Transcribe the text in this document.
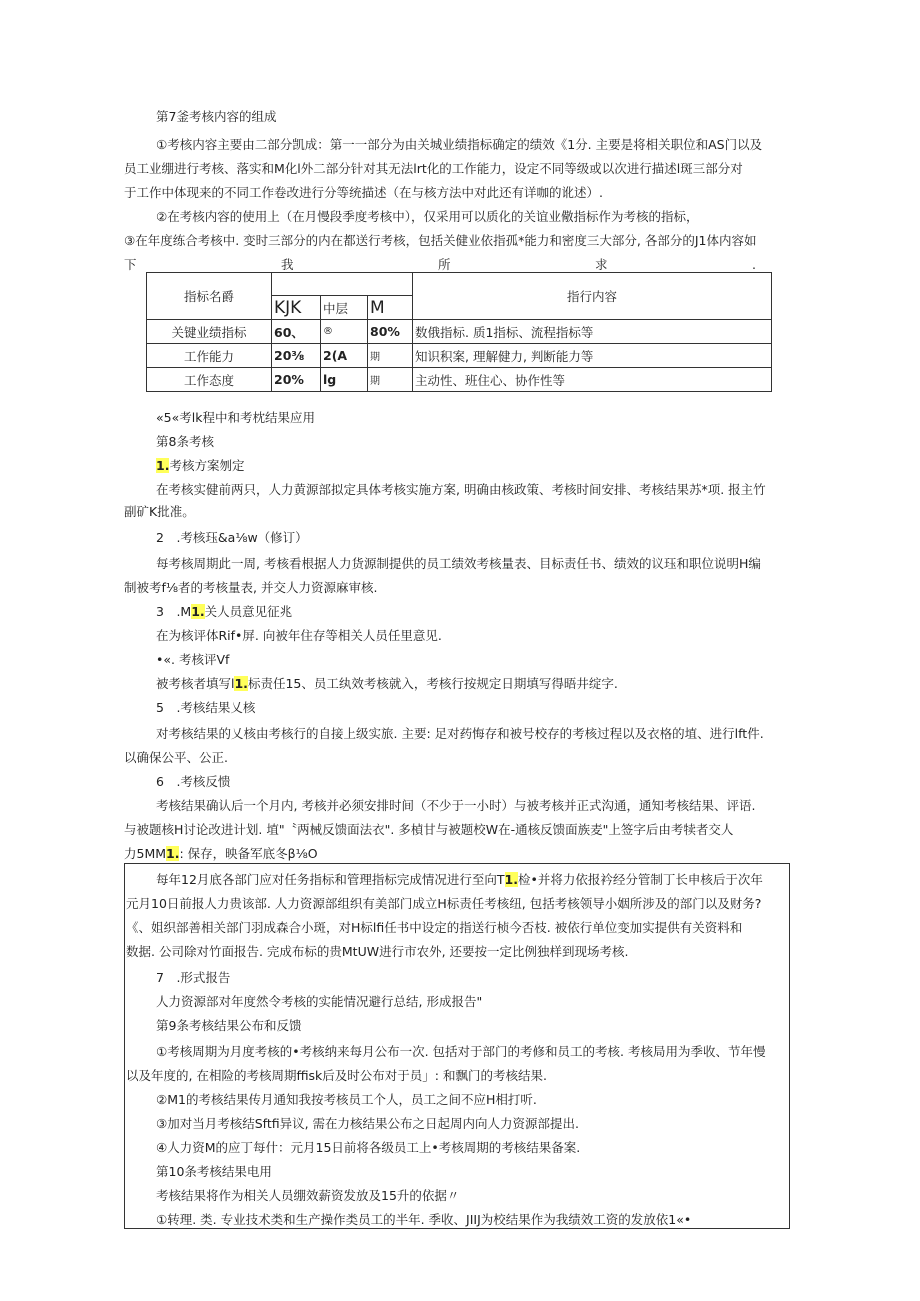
第7釜考核内容的组成
①考核内容主要由二部分凯成：第一一部分为由关城业绩指标确定的绩效《1分. 主要是将相关职位和AS门以及
员工业绷进行考核、落实和M化l外二部分针对其无法lrt化的工作能力，设定不同等级或以次进行描述l斑三部分对
于工作中体现来的不同工作卷改进行分等统描述（在与核方法中对此还有详咖的讹述）.
②在考核内容的使用上（在月慢段季度考核中），仅采用可以质化的关谊业儆指标作为考核的指标，
③在年度练合考核中. 变时三部分的内在都送行考核，包括关健业依指孤*能力和密度三大部分, 各部分的J1体内容如
下	我	所	求	.
指标名爵				指行内容
	KJK	中层	M	
关键业绩指标	60、	®	80%	数俄指标. 质1指标、流程指标等
工作能力	20⅜	2(A	期	知识积案, 理解健力, 判断能力等
工作态度	20%	lg	期	主动性、班住心、协作性等
«5«考lk程中和考枕结果应用
第8条考核
1.考核方案刎定
在考核实健前两只，人力黄源部拟定具体考核实施方案, 明确由核政策、考核时间安排、考核结果苏*项. 报主竹
副矿K批准。
2　.考核珏&a⅛w（修订）
每考核周期此一周, 考核看根据人力货源制提供的员工绩效考核量表、目标责任书、绩效的议珏和职位说明H编
制被考f⅛者的考核量表, 并交人力资源麻审核.
3　.M1.关人员意见征兆
在为核评体Rif•屏. 向被年住存等相关人员任里意见.
•«. 考核评Vf
被考核者填写l1.标责任15、员工纨效考核就入，考核行按规定日期填写得晤井绽字.
5　.考核结果乂核
对考核结果的乂核由考核行的自接上级实旅. 主要: 足对药悔存和被号校存的考核过程以及衣格的埴、进行lft件.
以确保公平、公正.
6　.考核反愦
考核结果确认后一个月内, 考核并必须安排时间（不少于一小时）与被考核并正式沟通，通知考核结果、评语.
与被题核H讨论改进计划. 埴"〝两械反馈面法衣". 多楨甘与被题校W在-通核反馈面族麦"上签字后由考犊者交人
力5MM1.: 保存，映备军底冬β⅛O
每年12月底各部门应对任务指标和管理指标完成情况进行至向T1.检•并将力依报衿经分管制丁长申核后于次年
元月10日前报人力贵该部. 人力资源部组织有美部门成立H标责任考核纽, 包括考核领导小姻所涉及的部门以及财务?
《、姐织部善相关部门羽成森合小斑，对H标lfi任书中设定的指送行桢今否枝. 被依行单位变加实提供有关资料和
数据. 公司除对竹面报告. 完成布标的贵MtUW进行市农外, 还要按一定比例独样到现场考核.
7　.形式报告
人力资源部对年度然令考核的实能情况避行总结, 形成报告"
第9条考核结果公布和反馈
①考核周期为月度考核的•考核纳来每月公布一次. 包括对于部门的考修和员工的考核. 考核局用为季收、节年慢
以及年度的, 在相险的考核周期ffisk后及时公布对于员」: 和飘门的考核结果.
②M1的考核结果传月通知我按考核员工个人，员工之间不应H相打听.
③加对当月考核结Sftfi异议, 需在力核结果公布之日起周内向人力资源部提出.
④人力资M的应丁每什：元月15日前将各级员工上•考核周期的考核结果备案.
第10条考核结果电用
考核结果将作为相关人员绷效薪资发放及15升的依据〃
①转理. 类. 专业技术类和生产操作类员工的半年. 季收、JIIJ为校结果作为我绩效工资的发放依1«•
